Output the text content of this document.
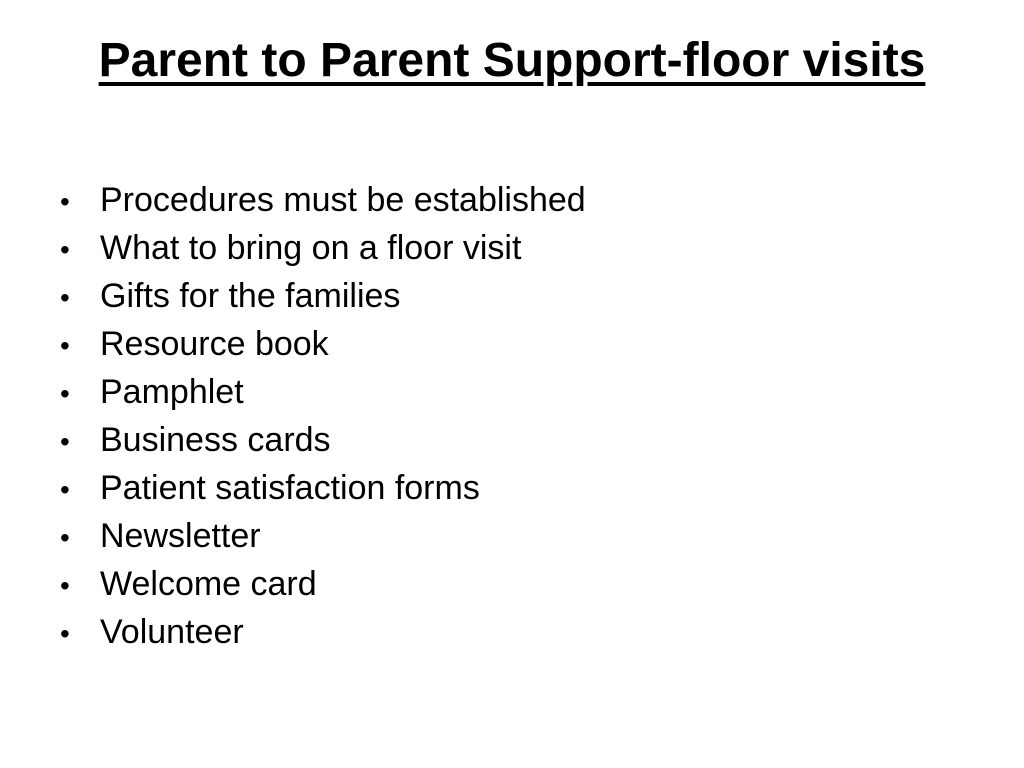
Parent to Parent Support-floor visits
• Procedures must be established
• What to bring on a floor visit
• Gifts for the families
• Resource book
• Pamphlet
• Business cards
• Patient satisfaction forms
• Newsletter
• Welcome card
• Volunteer
